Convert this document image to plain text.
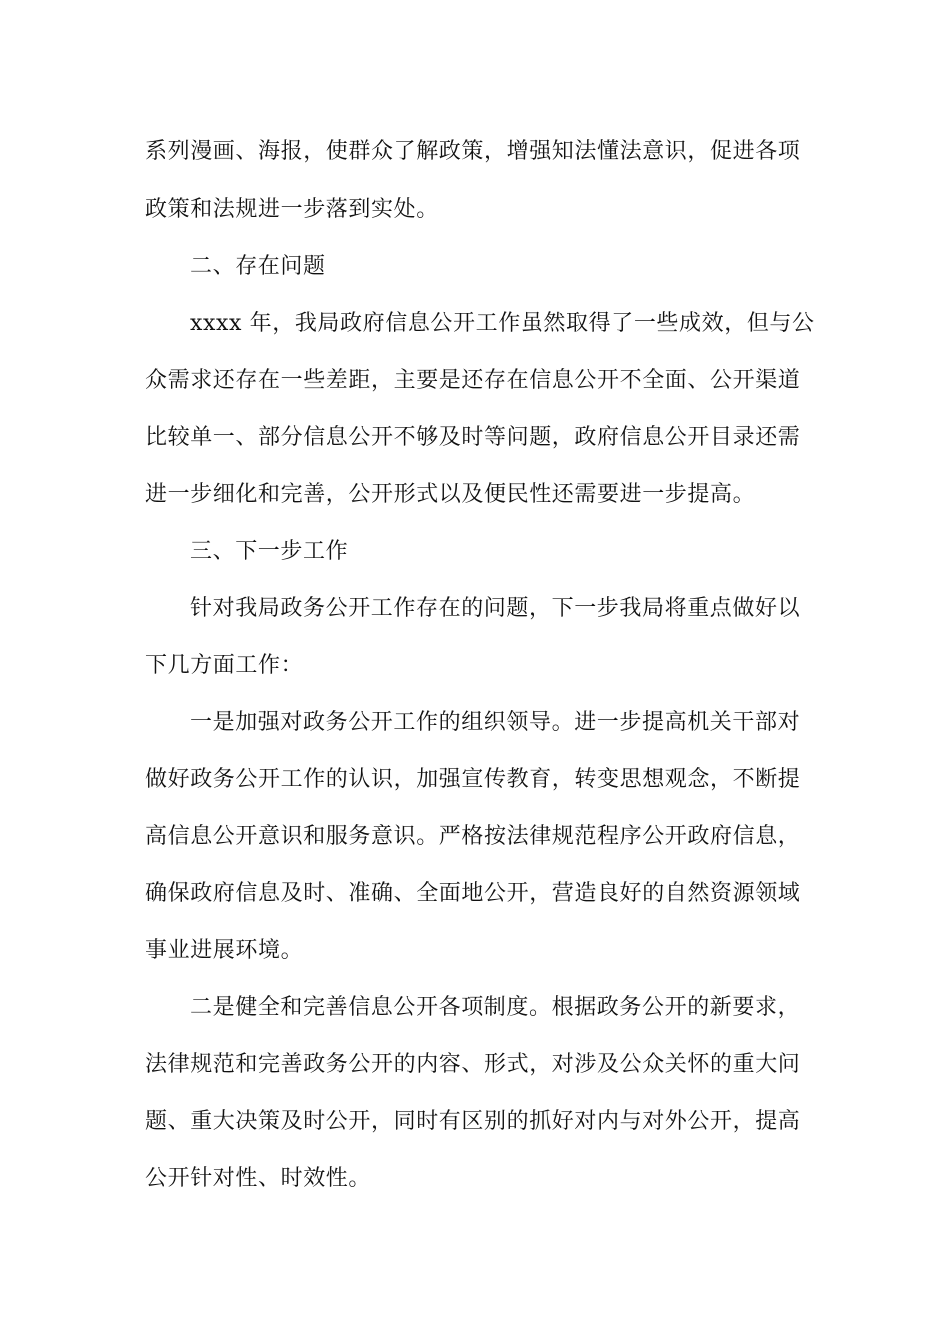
系列漫画、海报，使群众了解政策，增强知法懂法意识，促进各项
政策和法规进一步落到实处。
二、存在问题
xxxx 年，我局政府信息公开工作虽然取得了一些成效，但与公
众需求还存在一些差距，主要是还存在信息公开不全面、公开渠道
比较单一、部分信息公开不够及时等问题，政府信息公开目录还需
进一步细化和完善，公开形式以及便民性还需要进一步提高。
三、下一步工作
针对我局政务公开工作存在的问题，下一步我局将重点做好以
下几方面工作：
一是加强对政务公开工作的组织领导。进一步提高机关干部对
做好政务公开工作的认识，加强宣传教育，转变思想观念，不断提
高信息公开意识和服务意识。严格按法律规范程序公开政府信息，
确保政府信息及时、准确、全面地公开，营造良好的自然资源领域
事业进展环境。
二是健全和完善信息公开各项制度。根据政务公开的新要求，
法律规范和完善政务公开的内容、形式，对涉及公众关怀的重大问
题、重大决策及时公开，同时有区别的抓好对内与对外公开，提高
公开针对性、时效性。
